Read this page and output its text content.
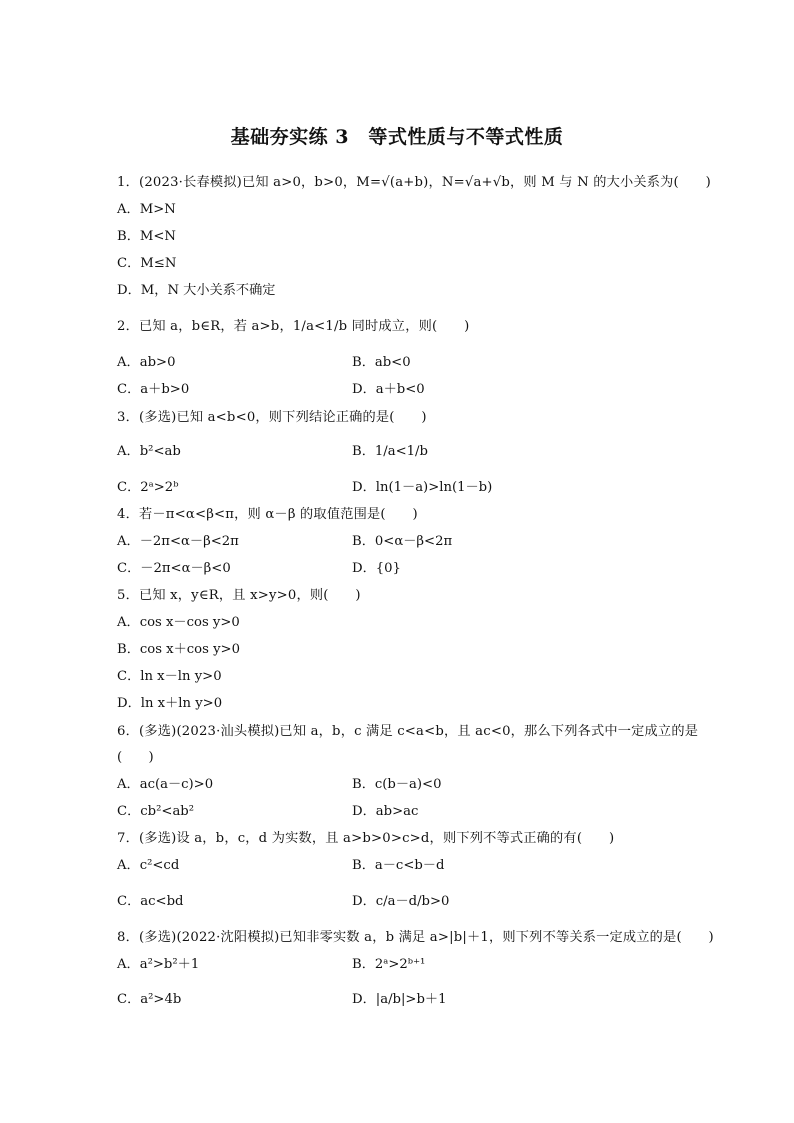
基础夯实练 3　等式性质与不等式性质
1．(2023·长春模拟)已知 a>0，b>0，M=√(a+b)，N=√a+√b，则 M 与 N 的大小关系为(　　)
A．M>N
B．M<N
C．M≤N
D．M，N 大小关系不确定
2．已知 a，b∈R，若 a>b，1/a<1/b 同时成立，则(　　)
A．ab>0	B．ab<0
C．a＋b>0	D．a＋b<0
3．(多选)已知 a<b<0，则下列结论正确的是(　　)
A．b²<ab	B．1/a<1/b
C．2ᵃ>2ᵇ	D．ln(1－a)>ln(1－b)
4．若－π<α<β<π，则 α－β 的取值范围是(　　)
A．－2π<α－β<2π	B．0<α－β<2π
C．－2π<α－β<0	D．{0}
5．已知 x，y∈R，且 x>y>0，则(　　)
A．cos x－cos y>0
B．cos x＋cos y>0
C．ln x－ln y>0
D．ln x＋ln y>0
6．(多选)(2023·汕头模拟)已知 a，b，c 满足 c<a<b，且 ac<0，那么下列各式中一定成立的是
(　　)
A．ac(a－c)>0	B．c(b－a)<0
C．cb²<ab²	D．ab>ac
7．(多选)设 a，b，c，d 为实数，且 a>b>0>c>d，则下列不等式正确的有(　　)
A．c²<cd	B．a－c<b－d
C．ac<bd	D．c/a－d/b>0
8．(多选)(2022·沈阳模拟)已知非零实数 a，b 满足 a>|b|＋1，则下列不等关系一定成立的是(　　)
A．a²>b²＋1	B．2ᵃ>2ᵇ⁺¹
C．a²>4b	D．|a/b|>b＋1
